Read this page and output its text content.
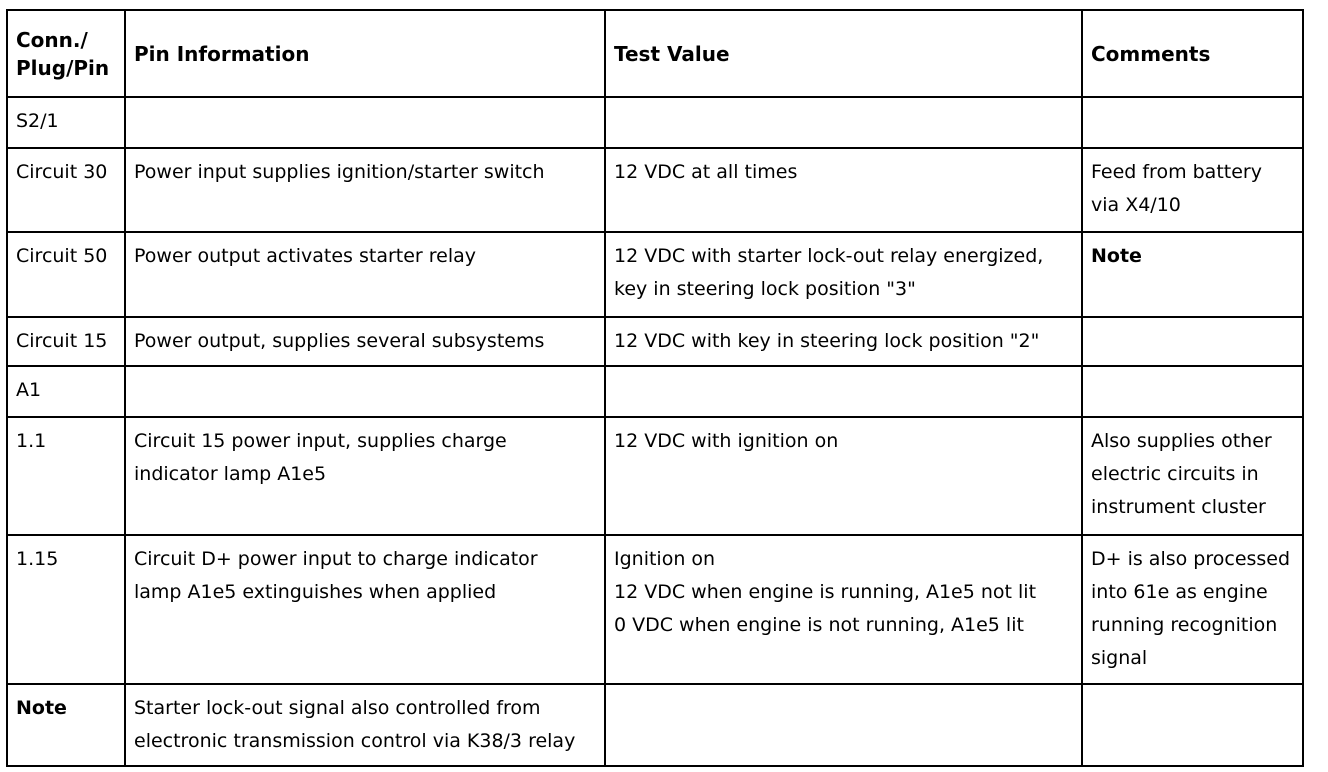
Conn./
Plug/Pin	Pin Information	Test Value	Comments
S2/1			
Circuit 30	Power input supplies ignition/starter switch	12 VDC at all times	Feed from battery
via X4/10

Circuit 50	Power output activates starter relay	12 VDC with starter lock-out relay energized,
key in steering lock position "3"	Note

Circuit 15	Power output, supplies several subsystems	12 VDC with key in steering lock position "2"	

A1			
1.1	Circuit 15 power input, supplies charge
indicator lamp A1e5	12 VDC with ignition on	Also supplies other
electric circuits in
instrument cluster

1.15	Circuit D+ power input to charge indicator
lamp A1e5 extinguishes when applied	Ignition on
12 VDC when engine is running, A1e5 not lit
0 VDC when engine is not running, A1e5 lit	D+ is also processed
into 61e as engine
running recognition
signal

Note	Starter lock-out signal also controlled from
electronic transmission control via K38/3 relay		
